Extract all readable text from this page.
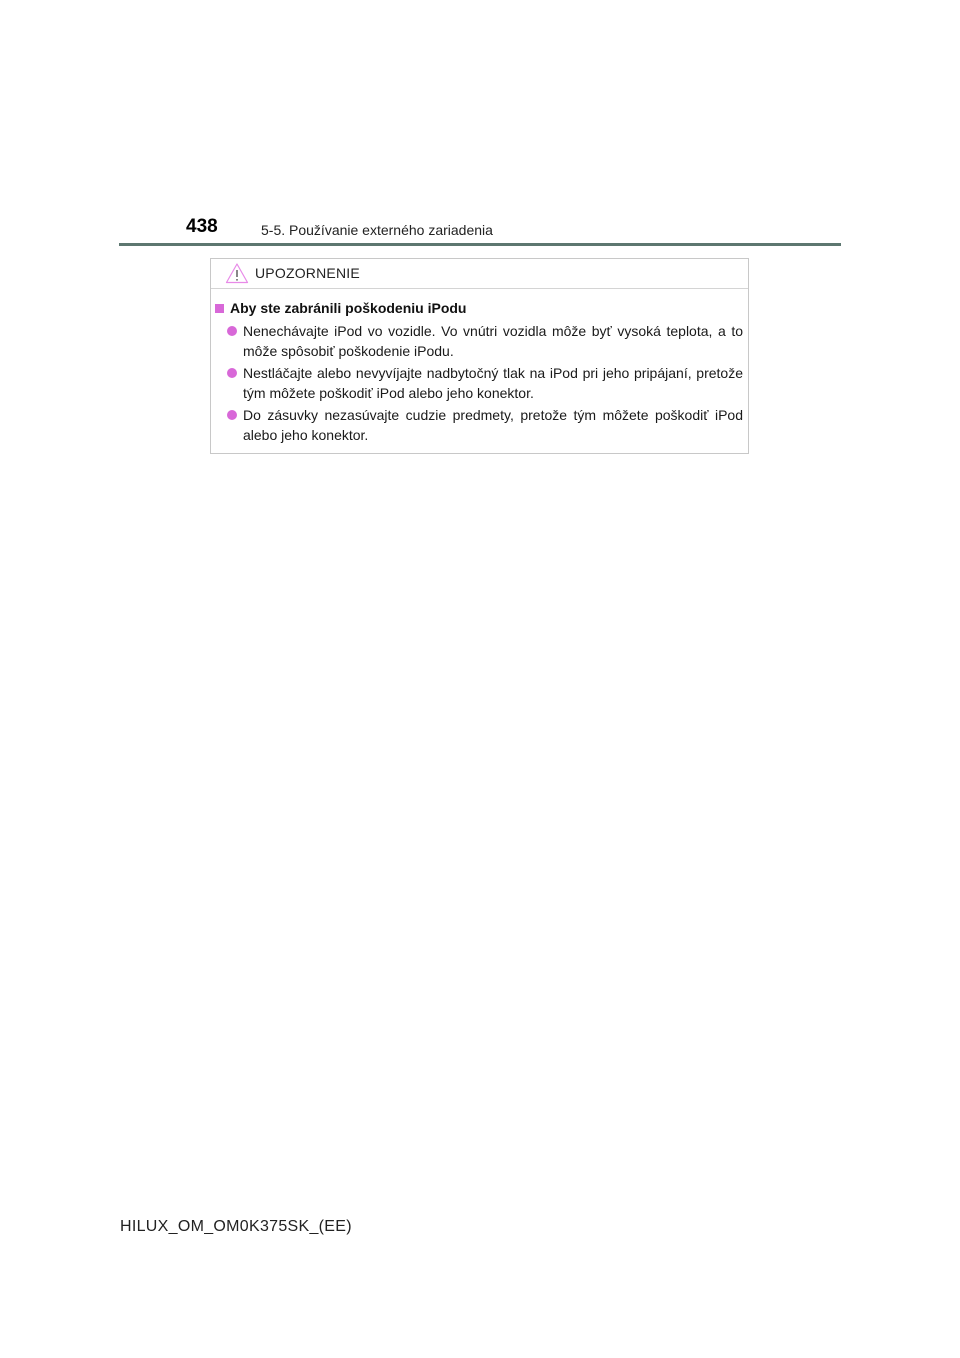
438	5-5. Používanie externého zariadenia
UPOZORNENIE
Aby ste zabránili poškodeniu iPodu
Nenechávajte iPod vo vozidle. Vo vnútri vozidla môže byť vysoká teplota, a to môže spôsobiť poškodenie iPodu.
Nestláčajte alebo nevyvíjajte nadbytočný tlak na iPod pri jeho pripájaní, pretože tým môžete poškodiť iPod alebo jeho konektor.
Do zásuvky nezasúvajte cudzie predmety, pretože tým môžete poškodiť iPod alebo jeho konektor.
HILUX_OM_OM0K375SK_(EE)
